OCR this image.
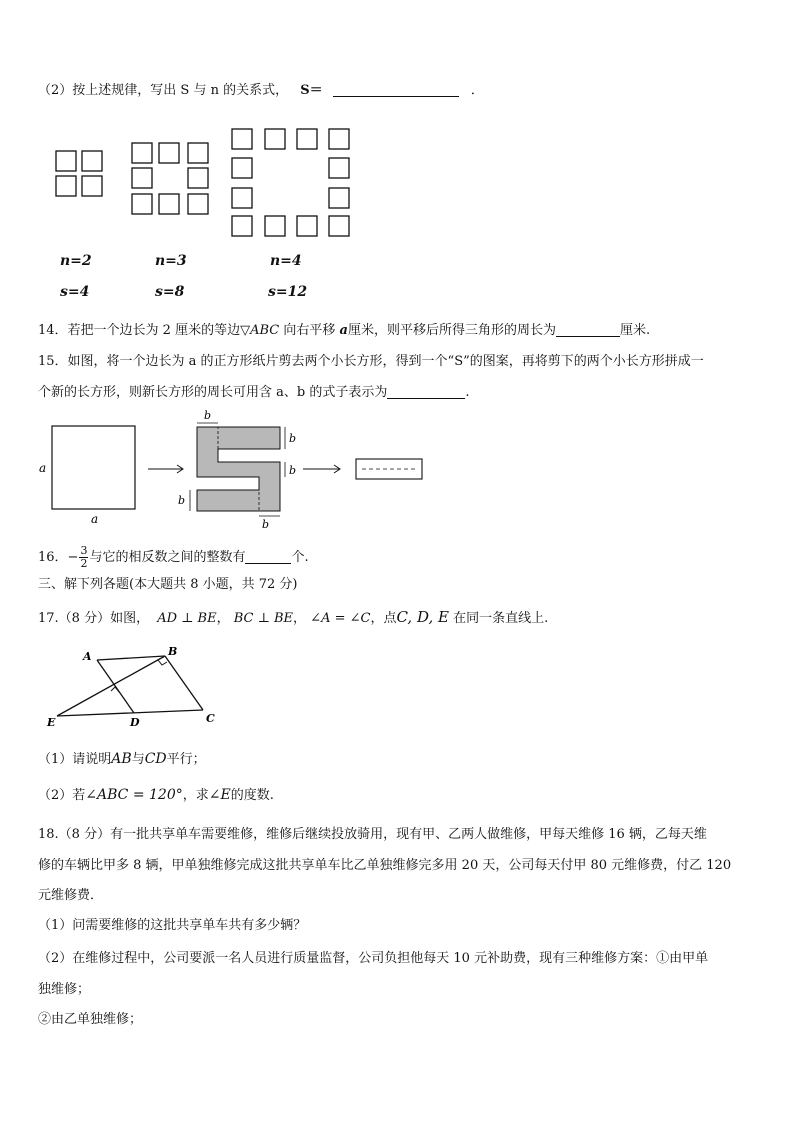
（2）按上述规律，写出 S 与 n 的关系式， S＝	．
n=2	n=3	n=4
s=4	s=8	s=12
14．若把一个边长为 2 厘米的等边▽ABC 向右平移 a厘米，则平移后所得三角形的周长为	厘米.
15．如图，将一个边长为 a 的正方形纸片剪去两个小长方形，得到一个“S”的图案，再将剪下的两个小长方形拼成一
个新的长方形，则新长方形的周长可用含 a、b 的式子表示为	.
a
a
b
b
b
b
b
16．− $\frac{3}{2}$ 与它的相反数之间的整数有	个.
三、解下列各题(本大题共 8 小题，共 72 分)
17.（8 分）如图， AD ⊥ BE， BC ⊥ BE， ∠A = ∠C，点C, D, E 在同一条直线上.
A	B
C
D
E
（1）请说明AB与CD平行；
（2）若∠ABC = 120°，求∠E的度数.
18.（8 分）有一批共享单车需要维修，维修后继续投放骑用，现有甲、乙两人做维修，甲每天维修 16 辆，乙每天维
修的车辆比甲多 8 辆，甲单独维修完成这批共享单车比乙单独维修完多用 20 天，公司每天付甲 80 元维修费，付乙 120
元维修费．
（1）问需要维修的这批共享单车共有多少辆？
（2）在维修过程中，公司要派一名人员进行质量监督，公司负担他每天 10 元补助费，现有三种维修方案：①由甲单
独维修；
②由乙单独维修；
